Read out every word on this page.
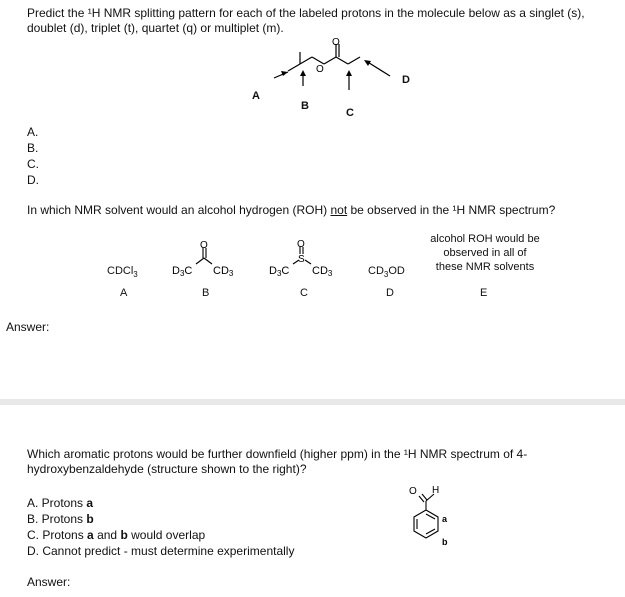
Predict the ¹H NMR splitting pattern for each of the labeled protons in the molecule below as a singlet (s), doublet (d), triplet (t), quartet (q) or multiplet (m).
O
O
A
B
C
D
A.
B.
C.
D.
In which NMR solvent would an alcohol hydrogen (ROH) not be observed in the ¹H NMR spectrum?
CDCl$_3$
A
O
D3C CD3
B
O
S
D3C CD3
C
$CD_3OD$
D
alcohol ROH would be observed in all of these NMR solvents
E
Answer:
Which aromatic protons would be further downfield (higher ppm) in the ¹H NMR spectrum of 4-hydroxybenzaldehyde (structure shown to the right)?
A. Protons a
B. Protons b
C. Protons a and b would overlap
D. Cannot predict - must determine experimentally
O H
a
b
Answer:
